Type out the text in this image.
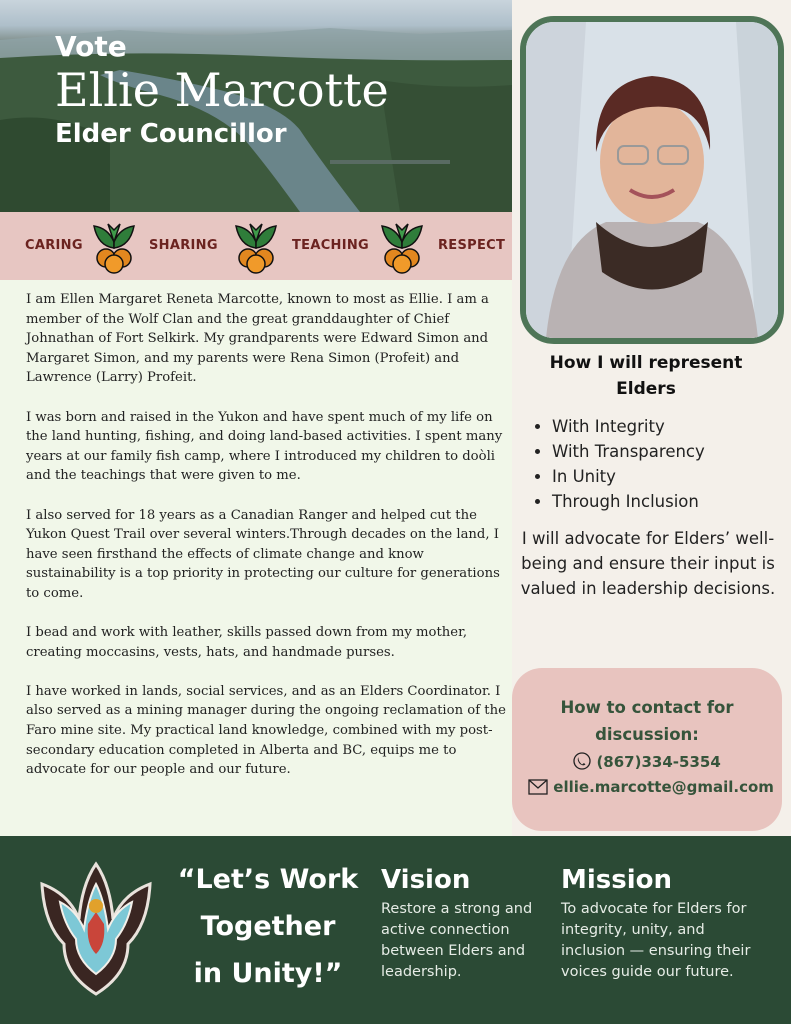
Vote
Ellie Marcotte
Elder Councillor
CARING	SHARING	TEACHING	RESPECT

I am Ellen Margaret Reneta Marcotte, known to most as Ellie. I am a member of the Wolf Clan and the great granddaughter of Chief Johnathan of Fort Selkirk. My grandparents were Edward Simon and Margaret Simon, and my parents were Rena Simon (Profeit) and Lawrence (Larry) Profeit.

I was born and raised in the Yukon and have spent much of my life on the land hunting, fishing, and doing land-based activities. I spent many years at our family fish camp, where I introduced my children to doòli and the teachings that were given to me.

I also served for 18 years as a Canadian Ranger and helped cut the Yukon Quest Trail over several winters.Through decades on the land, I have seen firsthand the effects of climate change and know sustainability is a top priority in protecting our culture for generations to come.

I bead and work with leather, skills passed down from my mother, creating moccasins, vests, hats, and handmade purses.

I have worked in lands, social services, and as an Elders Coordinator. I also served as a mining manager during the ongoing reclamation of the Faro mine site. My practical land knowledge, combined with my post-secondary education completed in Alberta and BC, equips me to advocate for our people and our future.

How I will represent
Elders
• With Integrity
• With Transparency
• In Unity
• Through Inclusion
I will advocate for Elders’ well-being and ensure their input is valued in leadership decisions.
How to contact for
discussion:
(867)334-5354
ellie.marcotte@gmail.com
“Let’s Work
Together
in Unity!”
Vision
Restore a strong and active connection between Elders and leadership.
Mission
To advocate for Elders for integrity, unity, and inclusion — ensuring their voices guide our future.
